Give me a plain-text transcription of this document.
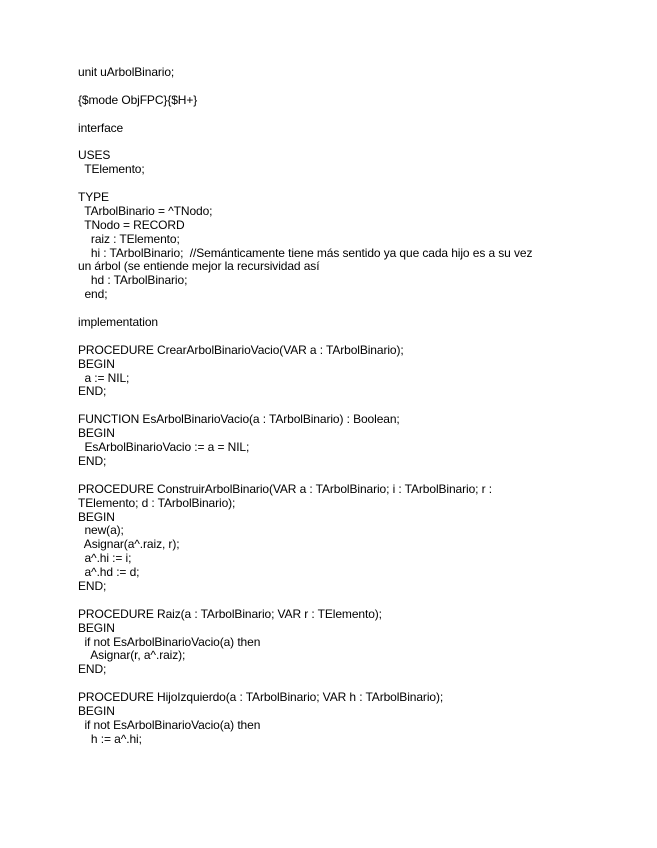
unit uArbolBinario;
{$mode ObjFPC}{$H+}
interface
USES
TElemento;
TYPE
TArbolBinario = ^TNodo;
TNodo = RECORD
raiz : TElemento;
hi : TArbolBinario;  //Semánticamente tiene más sentido ya que cada hijo es a su vez
un árbol (se entiende mejor la recursividad así
hd : TArbolBinario;
end;
implementation
PROCEDURE CrearArbolBinarioVacio(VAR a : TArbolBinario);
BEGIN
a := NIL;
END;
FUNCTION EsArbolBinarioVacio(a : TArbolBinario) : Boolean;
BEGIN
EsArbolBinarioVacio := a = NIL;
END;
PROCEDURE ConstruirArbolBinario(VAR a : TArbolBinario; i : TArbolBinario; r :
TElemento; d : TArbolBinario);
BEGIN
new(a);
Asignar(a^.raiz, r);
a^.hi := i;
a^.hd := d;
END;
PROCEDURE Raiz(a : TArbolBinario; VAR r : TElemento);
BEGIN
if not EsArbolBinarioVacio(a) then
Asignar(r, a^.raiz);
END;
PROCEDURE HijoIzquierdo(a : TArbolBinario; VAR h : TArbolBinario);
BEGIN
if not EsArbolBinarioVacio(a) then
h := a^.hi;
